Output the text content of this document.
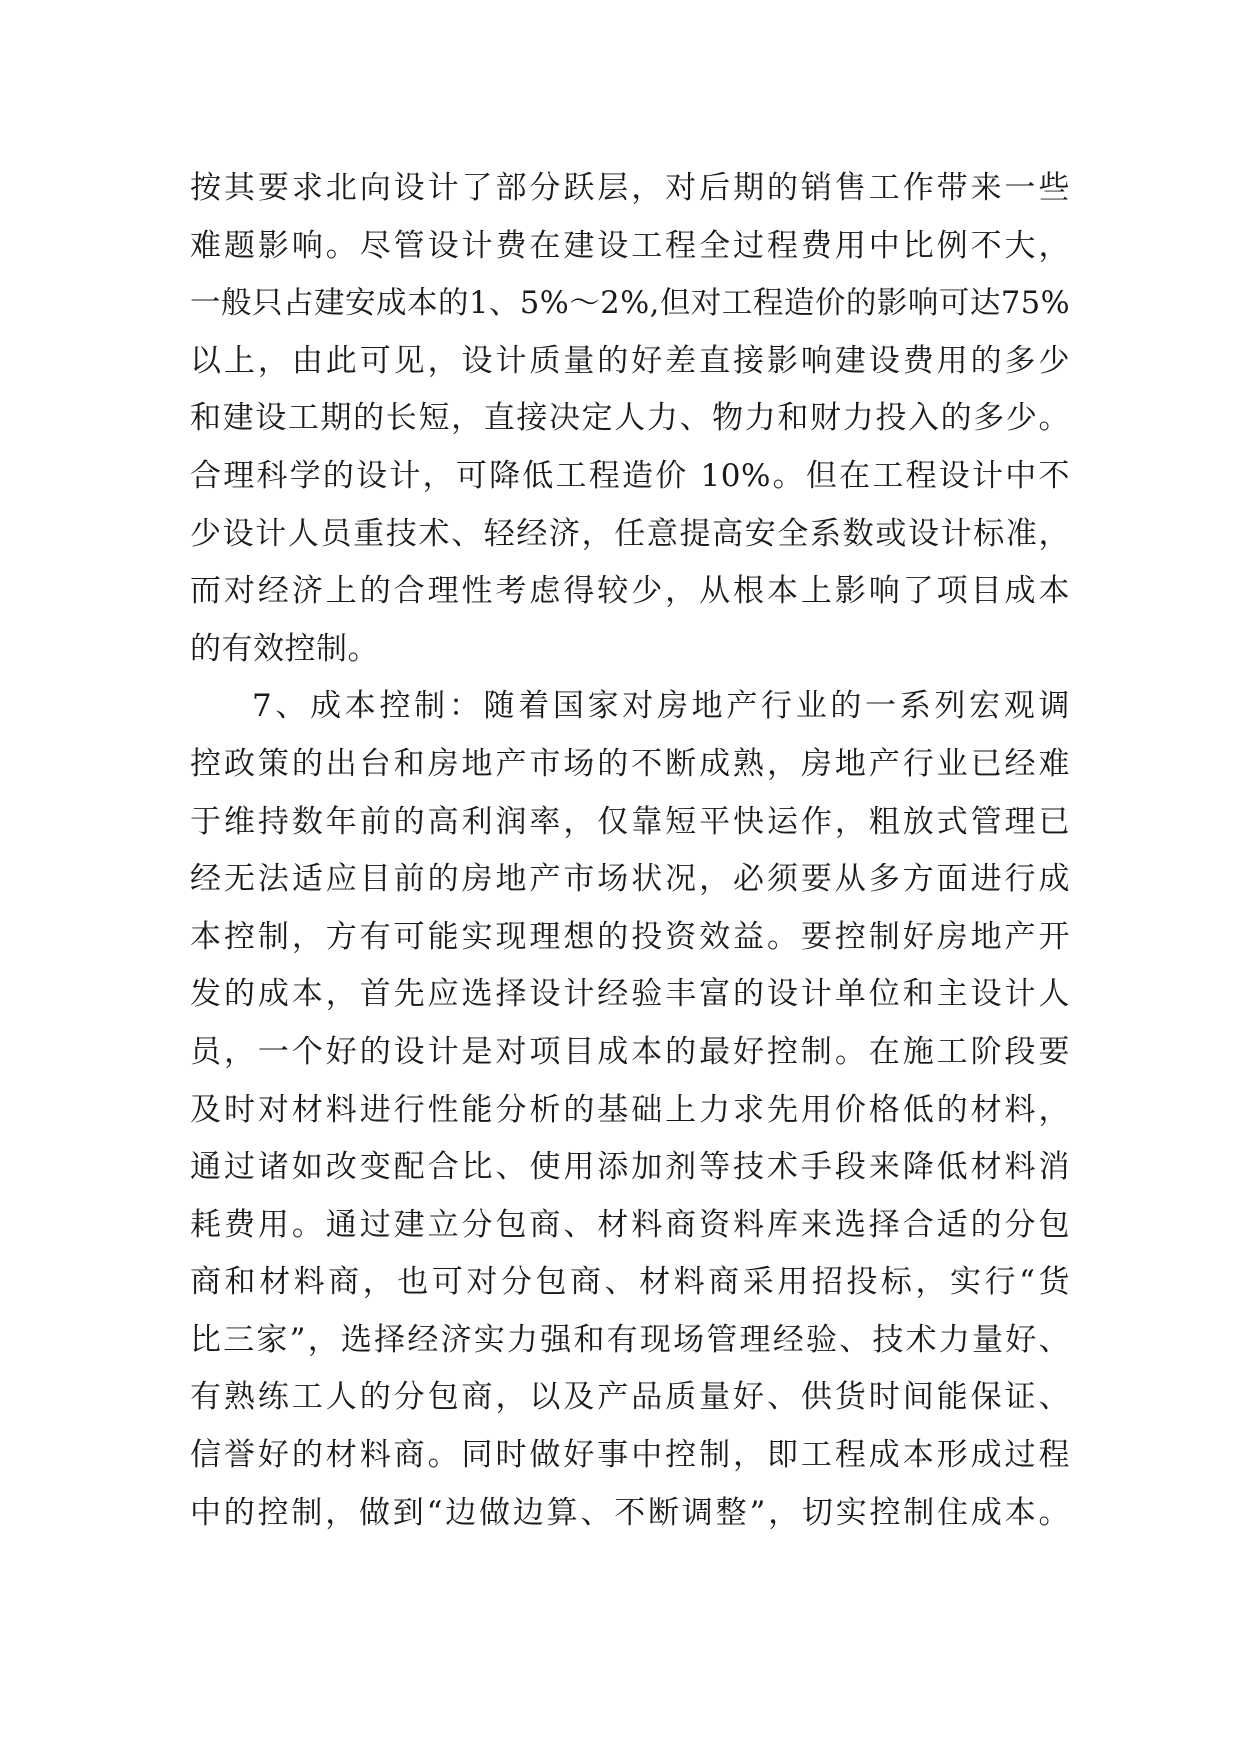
按其要求北向设计了部分跃层，对后期的销售工作带来一些
难题影响。尽管设计费在建设工程全过程费用中比例不大，
一般只占建安成本的1、5%～2%,但对工程造价的影响可达75%
以上，由此可见，设计质量的好差直接影响建设费用的多少
和建设工期的长短，直接决定人力、物力和财力投入的多少。
合理科学的设计，可降低工程造价 10%。但在工程设计中不
少设计人员重技术、轻经济，任意提高安全系数或设计标准，
而对经济上的合理性考虑得较少，从根本上影响了项目成本
的有效控制。
7、成本控制：随着国家对房地产行业的一系列宏观调
控政策的出台和房地产市场的不断成熟，房地产行业已经难
于维持数年前的高利润率，仅靠短平快运作，粗放式管理已
经无法适应目前的房地产市场状况，必须要从多方面进行成
本控制，方有可能实现理想的投资效益。要控制好房地产开
发的成本，首先应选择设计经验丰富的设计单位和主设计人
员，一个好的设计是对项目成本的最好控制。在施工阶段要
及时对材料进行性能分析的基础上力求先用价格低的材料，
通过诸如改变配合比、使用添加剂等技术手段来降低材料消
耗费用。通过建立分包商、材料商资料库来选择合适的分包
商和材料商，也可对分包商、材料商采用招投标，实行“货
比三家”，选择经济实力强和有现场管理经验、技术力量好、
有熟练工人的分包商，以及产品质量好、供货时间能保证、
信誉好的材料商。同时做好事中控制，即工程成本形成过程
中的控制，做到“边做边算、不断调整”，切实控制住成本。
